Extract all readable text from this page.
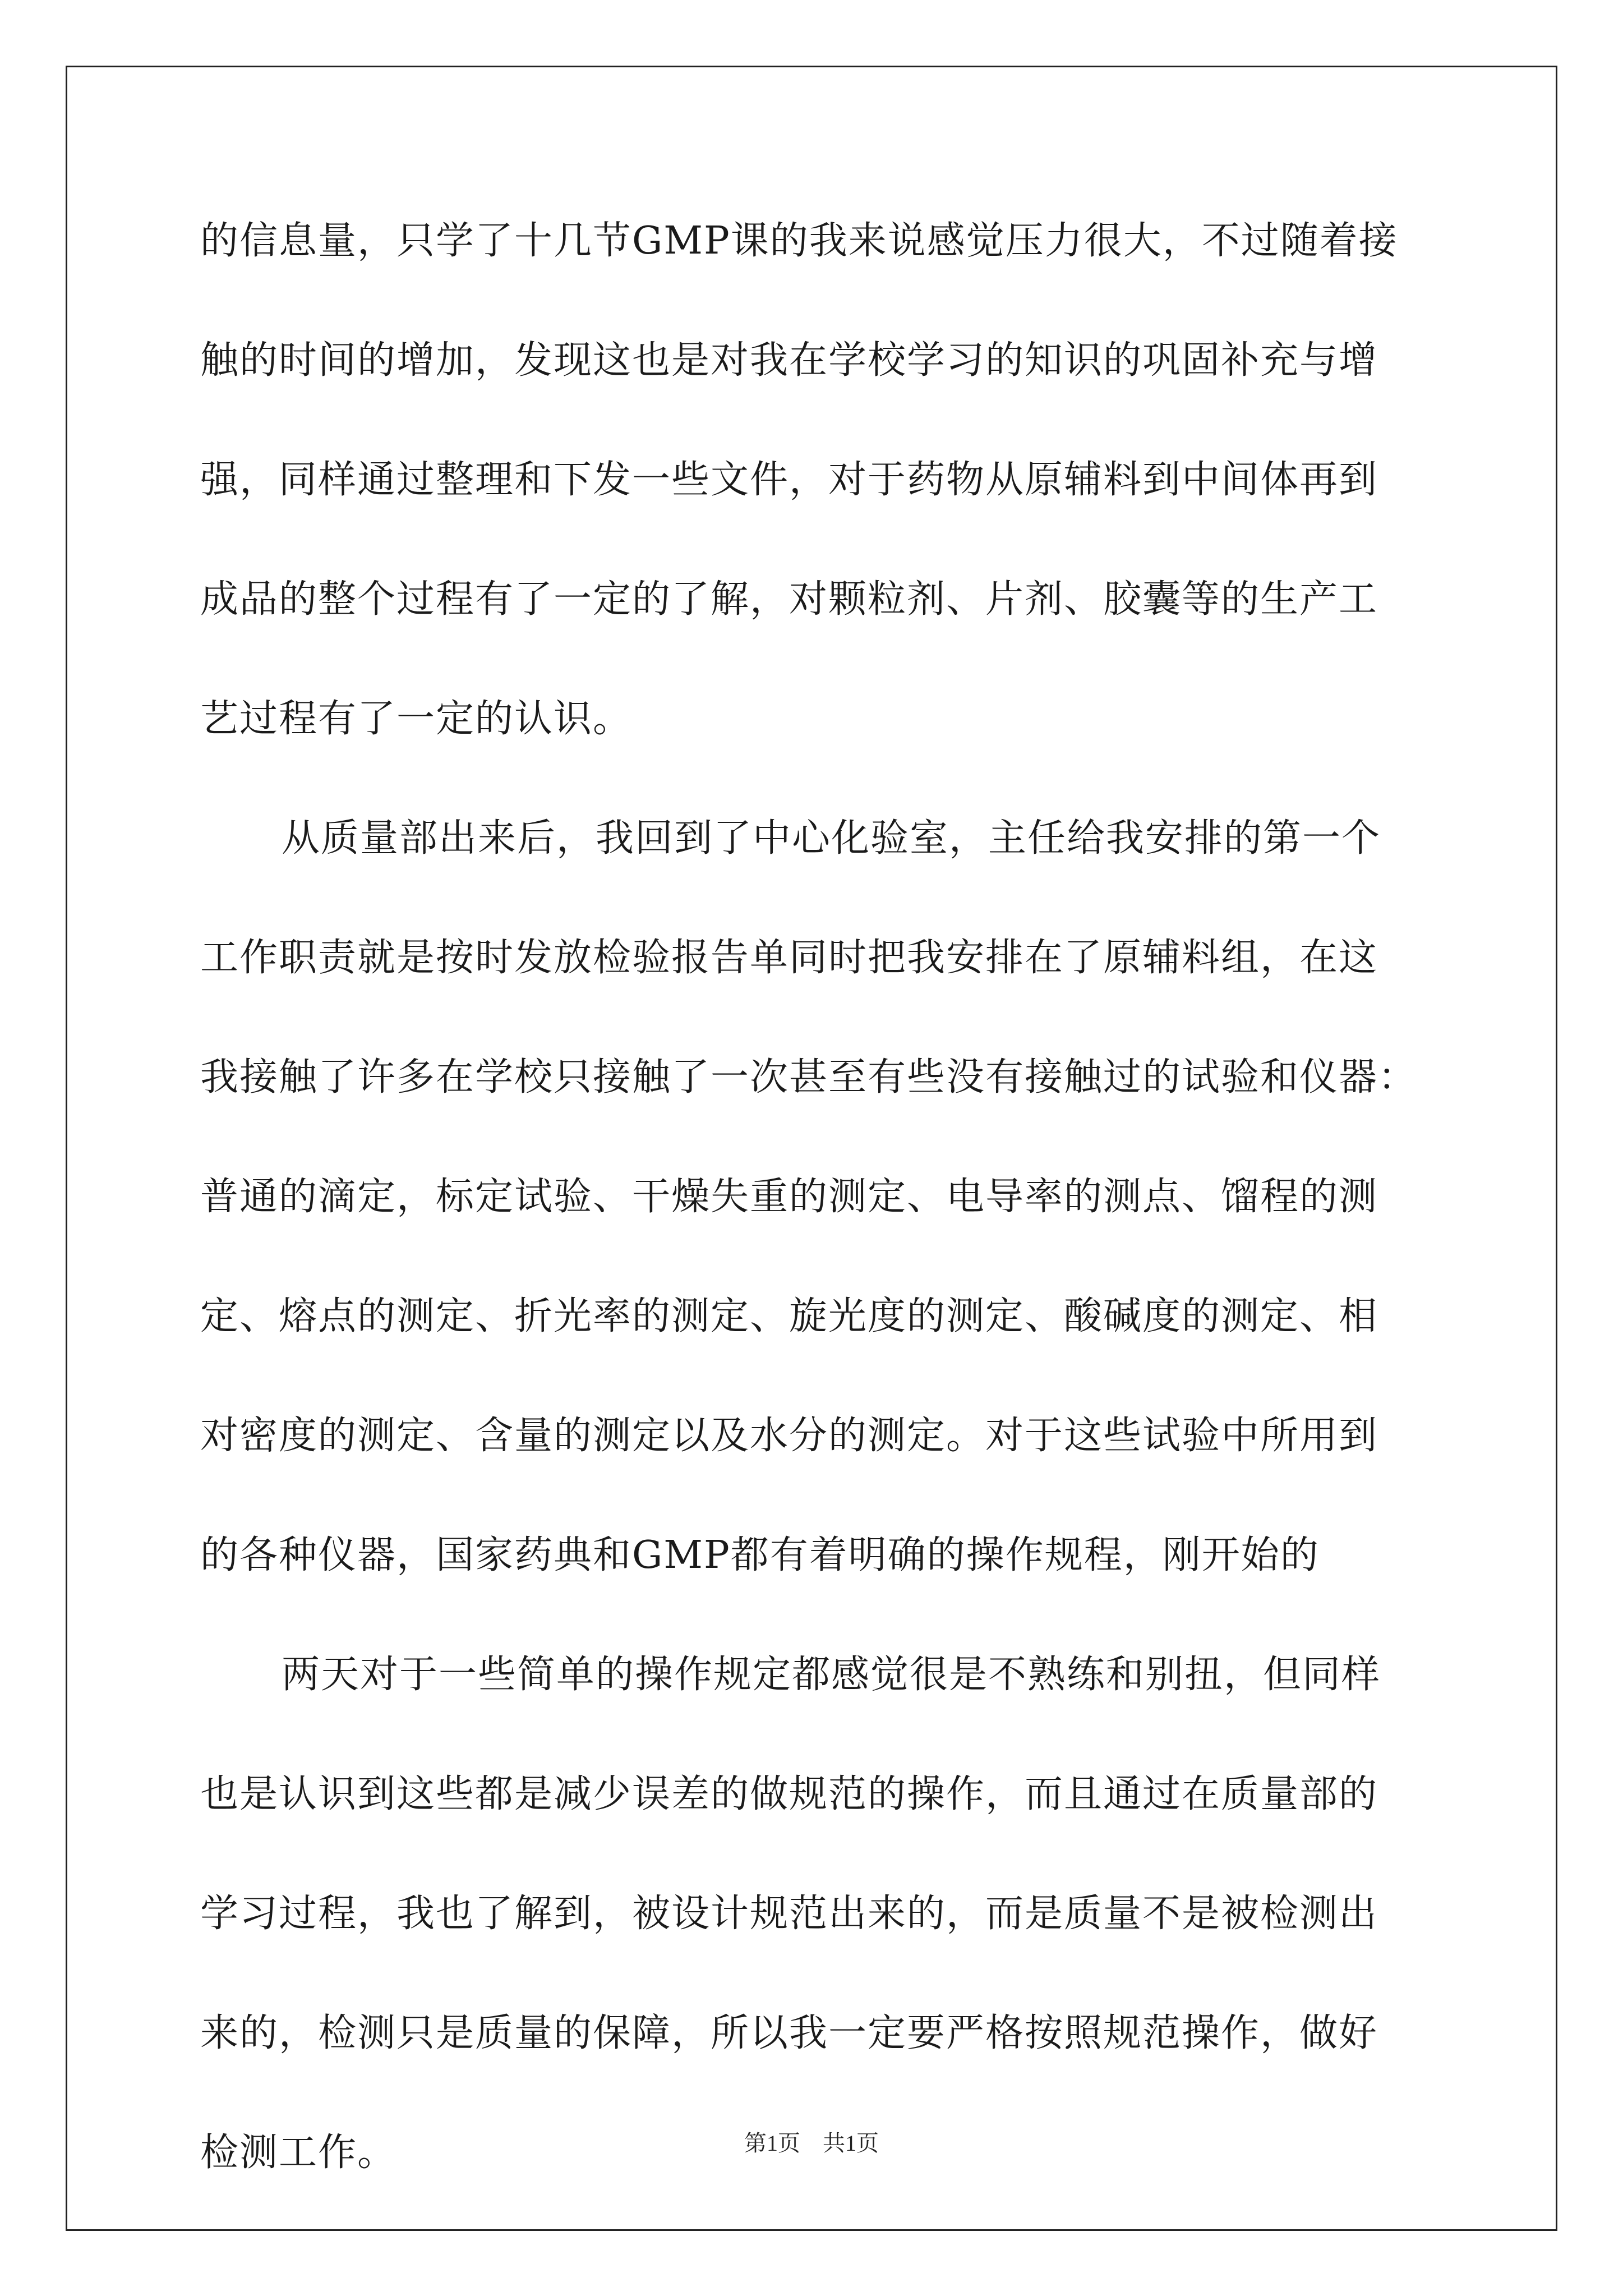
的信息量，只学了十几节GMP课的我来说感觉压力很大，不过随着接
触的时间的增加，发现这也是对我在学校学习的知识的巩固补充与增
强，同样通过整理和下发一些文件，对于药物从原辅料到中间体再到
成品的整个过程有了一定的了解，对颗粒剂、片剂、胶囊等的生产工
艺过程有了一定的认识。
从质量部出来后，我回到了中心化验室，主任给我安排的第一个
工作职责就是按时发放检验报告单同时把我安排在了原辅料组，在这
我接触了许多在学校只接触了一次甚至有些没有接触过的试验和仪器：
普通的滴定，标定试验、干燥失重的测定、电导率的测点、馏程的测
定、熔点的测定、折光率的测定、旋光度的测定、酸碱度的测定、相
对密度的测定、含量的测定以及水分的测定。对于这些试验中所用到
的各种仪器，国家药典和GMP都有着明确的操作规程，刚开始的
两天对于一些简单的操作规定都感觉很是不熟练和别扭，但同样
也是认识到这些都是减少误差的做规范的操作，而且通过在质量部的
学习过程，我也了解到，被设计规范出来的，而是质量不是被检测出
来的，检测只是质量的保障，所以我一定要严格按照规范操作，做好
检测工作。	第1页　共1页
